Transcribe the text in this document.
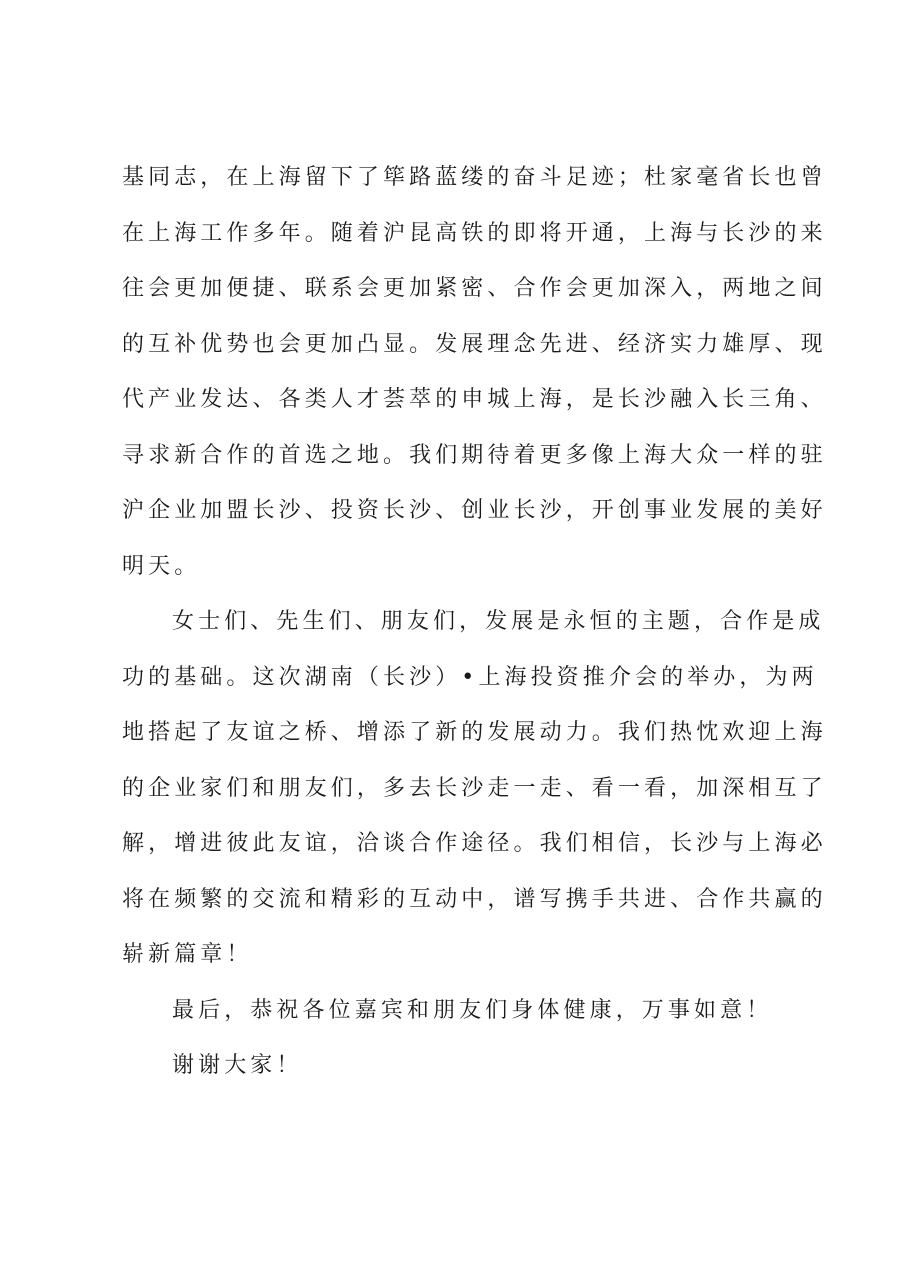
基同志，在上海留下了筚路蓝缕的奋斗足迹；杜家毫省长也曾
在上海工作多年。随着沪昆高铁的即将开通，上海与长沙的来
往会更加便捷、联系会更加紧密、合作会更加深入，两地之间
的互补优势也会更加凸显。发展理念先进、经济实力雄厚、现
代产业发达、各类人才荟萃的申城上海，是长沙融入长三角、
寻求新合作的首选之地。我们期待着更多像上海大众一样的驻
沪企业加盟长沙、投资长沙、创业长沙，开创事业发展的美好
明天。
女士们、先生们、朋友们，发展是永恒的主题，合作是成
功的基础。这次湖南（长沙）•上海投资推介会的举办，为两
地搭起了友谊之桥、增添了新的发展动力。我们热忱欢迎上海
的企业家们和朋友们，多去长沙走一走、看一看，加深相互了
解，增进彼此友谊，洽谈合作途径。我们相信，长沙与上海必
将在频繁的交流和精彩的互动中，谱写携手共进、合作共赢的
崭新篇章！
最后，恭祝各位嘉宾和朋友们身体健康，万事如意！
谢谢大家！
